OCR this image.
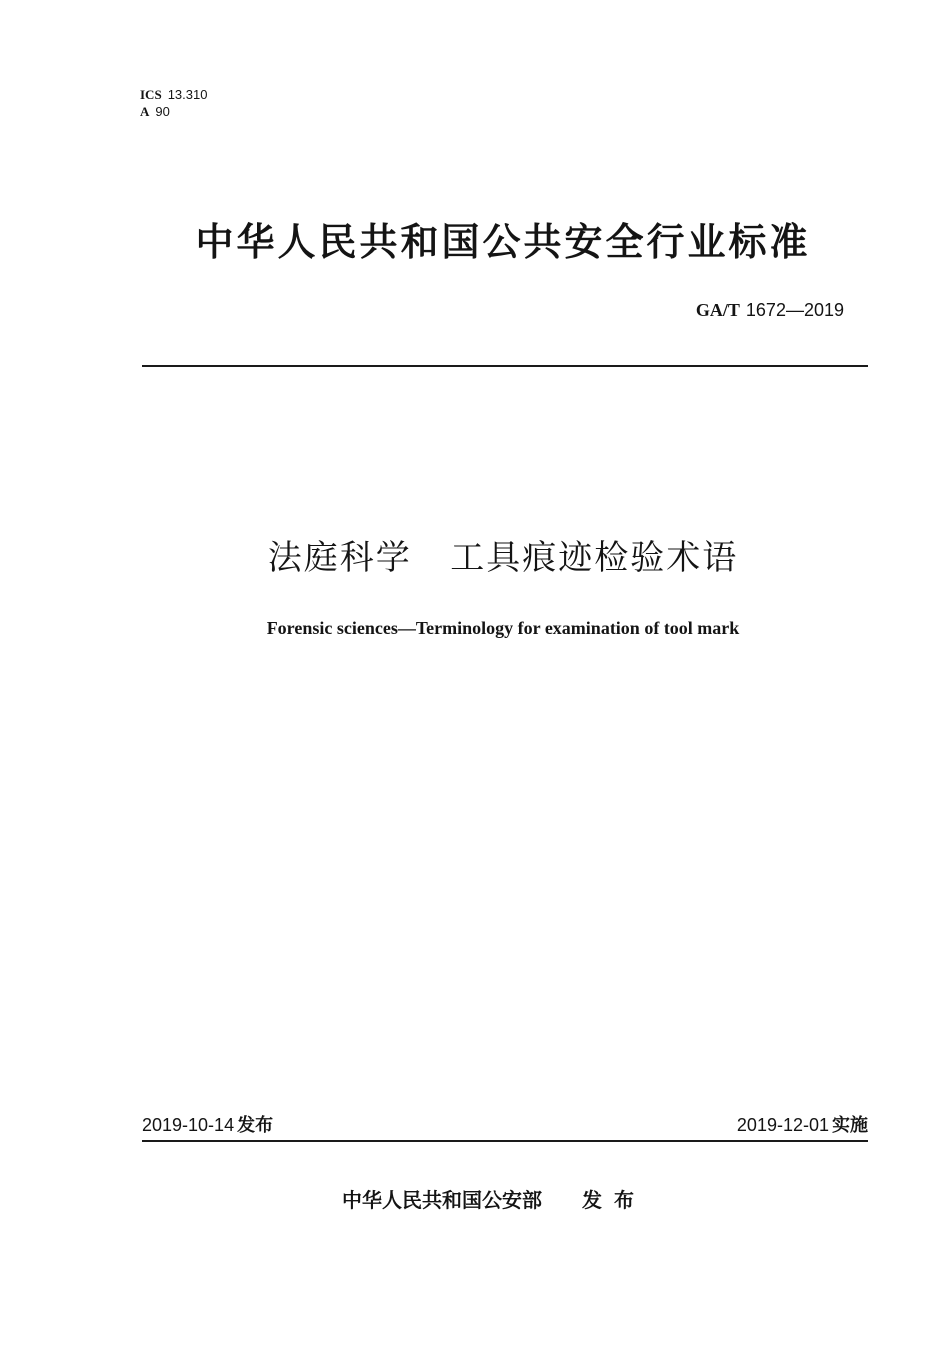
ICS 13.310
A 90
中华人民共和国公共安全行业标准
GA/T 1672—2019
法庭科学   工具痕迹检验术语
Forensic sciences—Terminology for examination of tool mark
2019-10-14 发布	2019-12-01 实施
中华人民共和国公安部 发布
